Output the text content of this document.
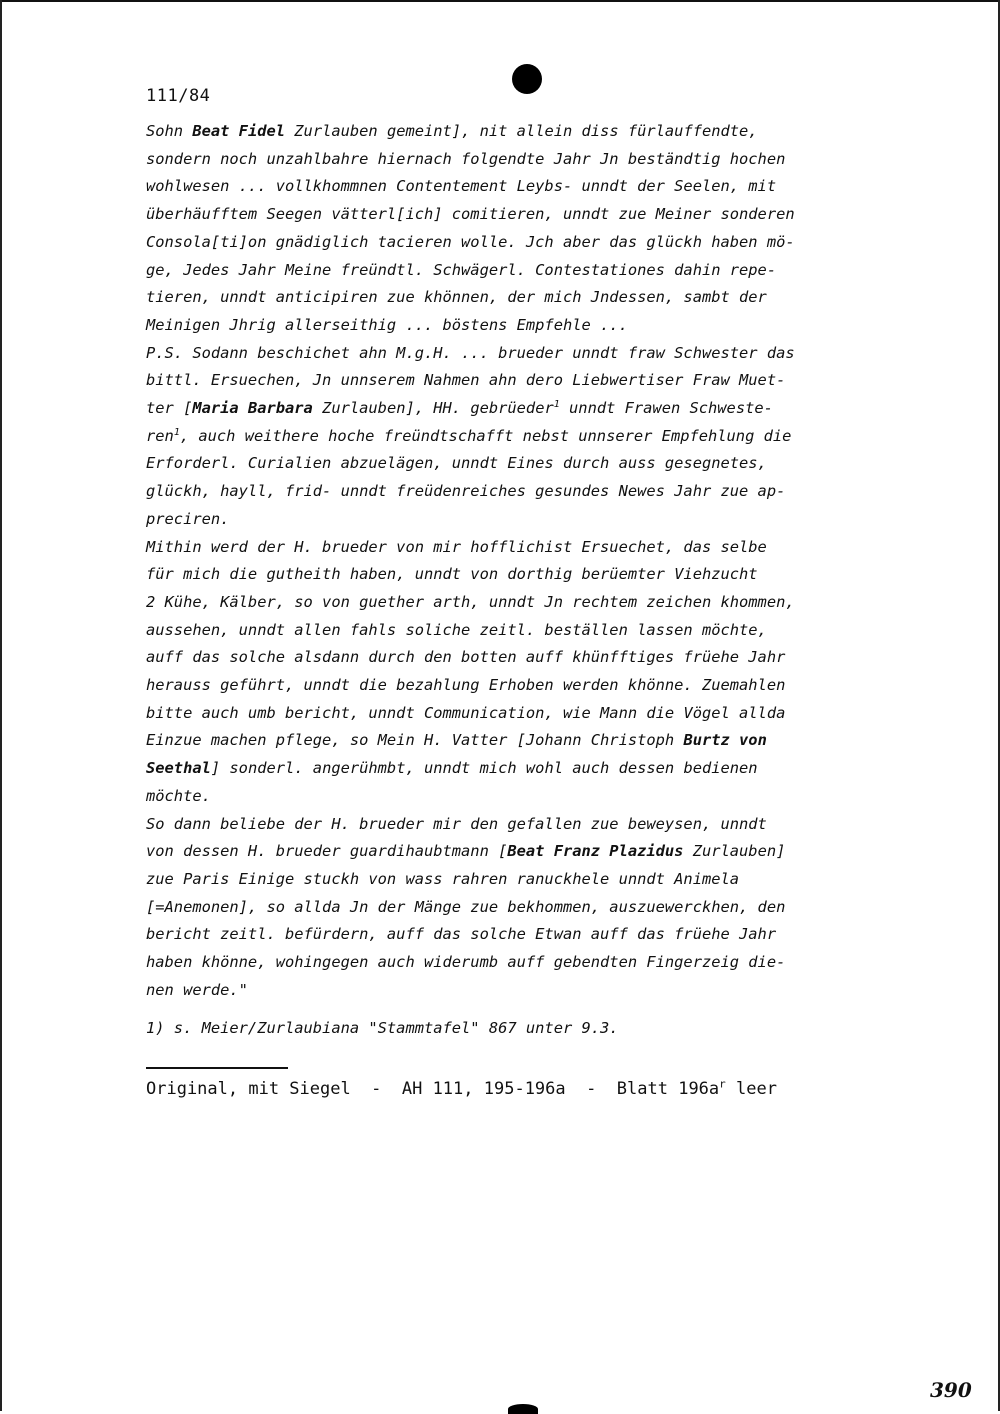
111/84
Sohn Beat Fidel Zurlauben gemeint], nit allein diss fürlauffendte,
sondern noch unzahlbahre hiernach folgendte Jahr Jn beständtig hochen
wohlwesen ... vollkhommnen Contentement Leybs- unndt der Seelen, mit
überhäufftem Seegen vätterl[ich] comitieren, unndt zue Meiner sonderen
Consola[ti]on gnädiglich tacieren wolle. Jch aber das glückh haben mö-
ge, Jedes Jahr Meine freündtl. Schwägerl. Contestationes dahin repe-
tieren, unndt anticipiren zue khönnen, der mich Jndessen, sambt der
Meinigen Jhrig allerseithig ... böstens Empfehle ...
P.S. Sodann beschichet ahn M.g.H. ... brueder unndt fraw Schwester das
bittl. Ersuechen, Jn unnserem Nahmen ahn dero Liebwertiser Fraw Muet-
ter [Maria Barbara Zurlauben], HH. gebrüeder$^1$ unndt Frawen Schweste-
ren$^1$, auch weithere hoche freündtschafft nebst unnserer Empfehlung die
Erforderl. Curialien abzuelägen, unndt Eines durch auss gesegnetes,
glückh, hayll, frid- unndt freüdenreiches gesundes Newes Jahr zue ap-
preciren.
Mithin werd der H. brueder von mir hofflichist Ersuechet, das selbe
für mich die gutheith haben, unndt von dorthig berüemter Viehzucht
2 Kühe, Kälber, so von guether arth, unndt Jn rechtem zeichen khommen,
aussehen, unndt allen fahls soliche zeitl. beställen lassen möchte,
auff das solche alsdann durch den botten auff khünfftiges früehe Jahr
herauss geführt, unndt die bezahlung Erhoben werden khönne. Zuemahlen
bitte auch umb bericht, unndt Communication, wie Mann die Vögel allda
Einzue machen pflege, so Mein H. Vatter [Johann Christoph Burtz von
Seethal] sonderl. angerühmbt, unndt mich wohl auch dessen bedienen
möchte.
So dann beliebe der H. brueder mir den gefallen zue beweysen, unndt
von dessen H. brueder guardihaubtmann [Beat Franz Plazidus Zurlauben]
zue Paris Einige stuckh von wass rahren ranuckhele unndt Animela
[=Anemonen], so allda Jn der Mänge zue bekhommen, auszuewerckhen, den
bericht zeitl. befürdern, auff das solche Etwan auff das früehe Jahr
haben khönne, wohingegen auch widerumb auff gebendten Fingerzeig die-
nen werde."
1) s. Meier/Zurlaubiana "Stammtafel" 867 unter 9.3.
Original, mit Siegel  -  AH 111, 195-196a  -  Blatt $196a^r$ leer
390
